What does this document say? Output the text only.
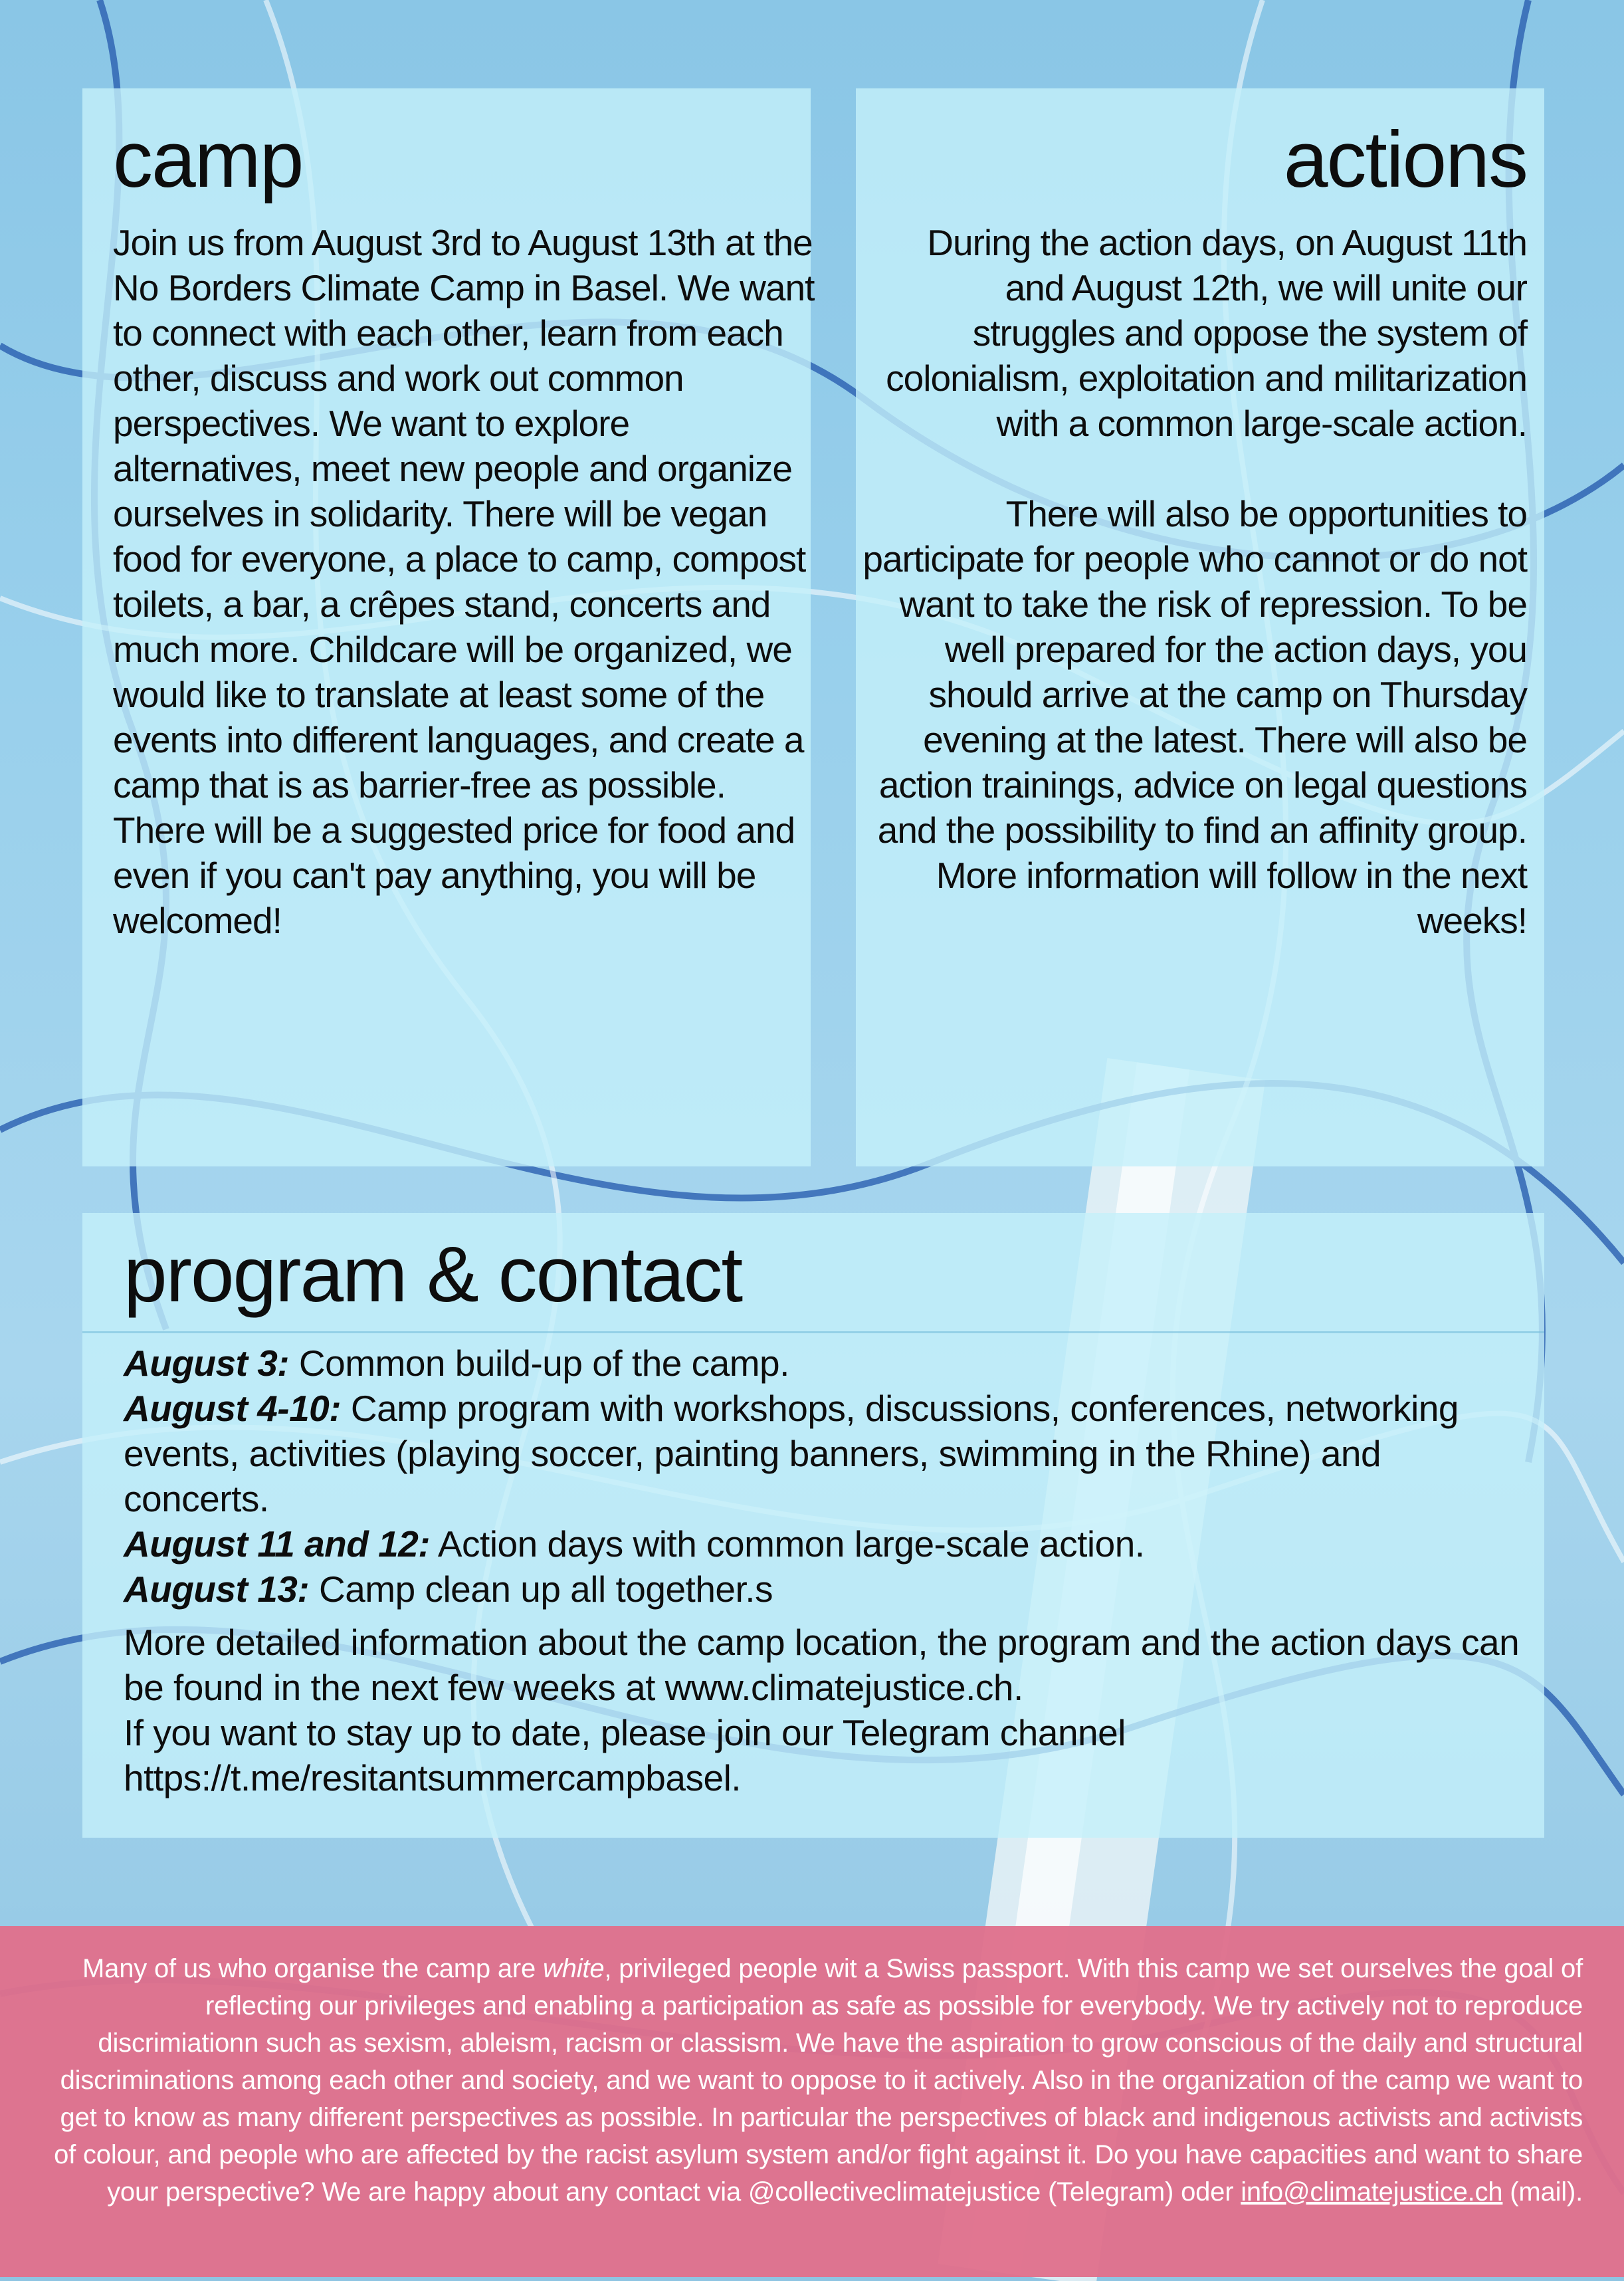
camp
Join us from August 3rd to August 13th at the No Borders Climate Camp in Basel. We want to connect with each other, learn from each other, discuss and work out common perspectives. We want to explore alternatives, meet new people and organize ourselves in solidarity. There will be vegan food for everyone, a place to camp, compost toilets, a bar, a crêpes stand, concerts and much more. Childcare will be organized, we would like to translate at least some of the events into different languages, and create a camp that is as barrier-free as possible. There will be a suggested price for food and even if you can't pay anything, you will be welcomed!
actions

During the action days, on August 11th and August 12th, we will unite our struggles and oppose the system of colonialism, exploitation and militarization with a common large-scale action.

There will also be opportunities to participate for people who cannot or do not want to take the risk of repression. To be well prepared for the action days, you should arrive at the camp on Thursday evening at the latest. There will also be action trainings, advice on legal questions and the possibility to find an affinity group. More information will follow in the next weeks!

program & contact
August 3: Common build-up of the camp.
August 4-10: Camp program with workshops, discussions, conferences, networking events, activities (playing soccer, painting banners, swimming in the Rhine) and concerts.
August 11 and 12: Action days with common large-scale action.
August 13: Camp clean up all together.s
More detailed information about the camp location, the program and the action days can be found in the next few weeks at www.climatejustice.ch.
If you want to stay up to date, please join our Telegram channel
https://t.me/resitantsummercampbasel.
Many of us who organise the camp are white, privileged people wit a Swiss passport. With this camp we set ourselves the goal of reflecting our privileges and enabling a participation as safe as possible for everybody. We try actively not to reproduce discrimiationn such as sexism, ableism, racism or classism. We have the aspiration to grow conscious of the daily and structural discriminations among each other and society, and we want to oppose to it actively. Also in the organization of the camp we want to get to know as many different perspectives as possible. In particular the perspectives of black and indigenous activists and activists of colour, and people who are affected by the racist asylum system and/or fight against it. Do you have capacities and want to share your perspective? We are happy about any contact via @collectiveclimatejustice (Telegram) oder info@climatejustice.ch (mail).
